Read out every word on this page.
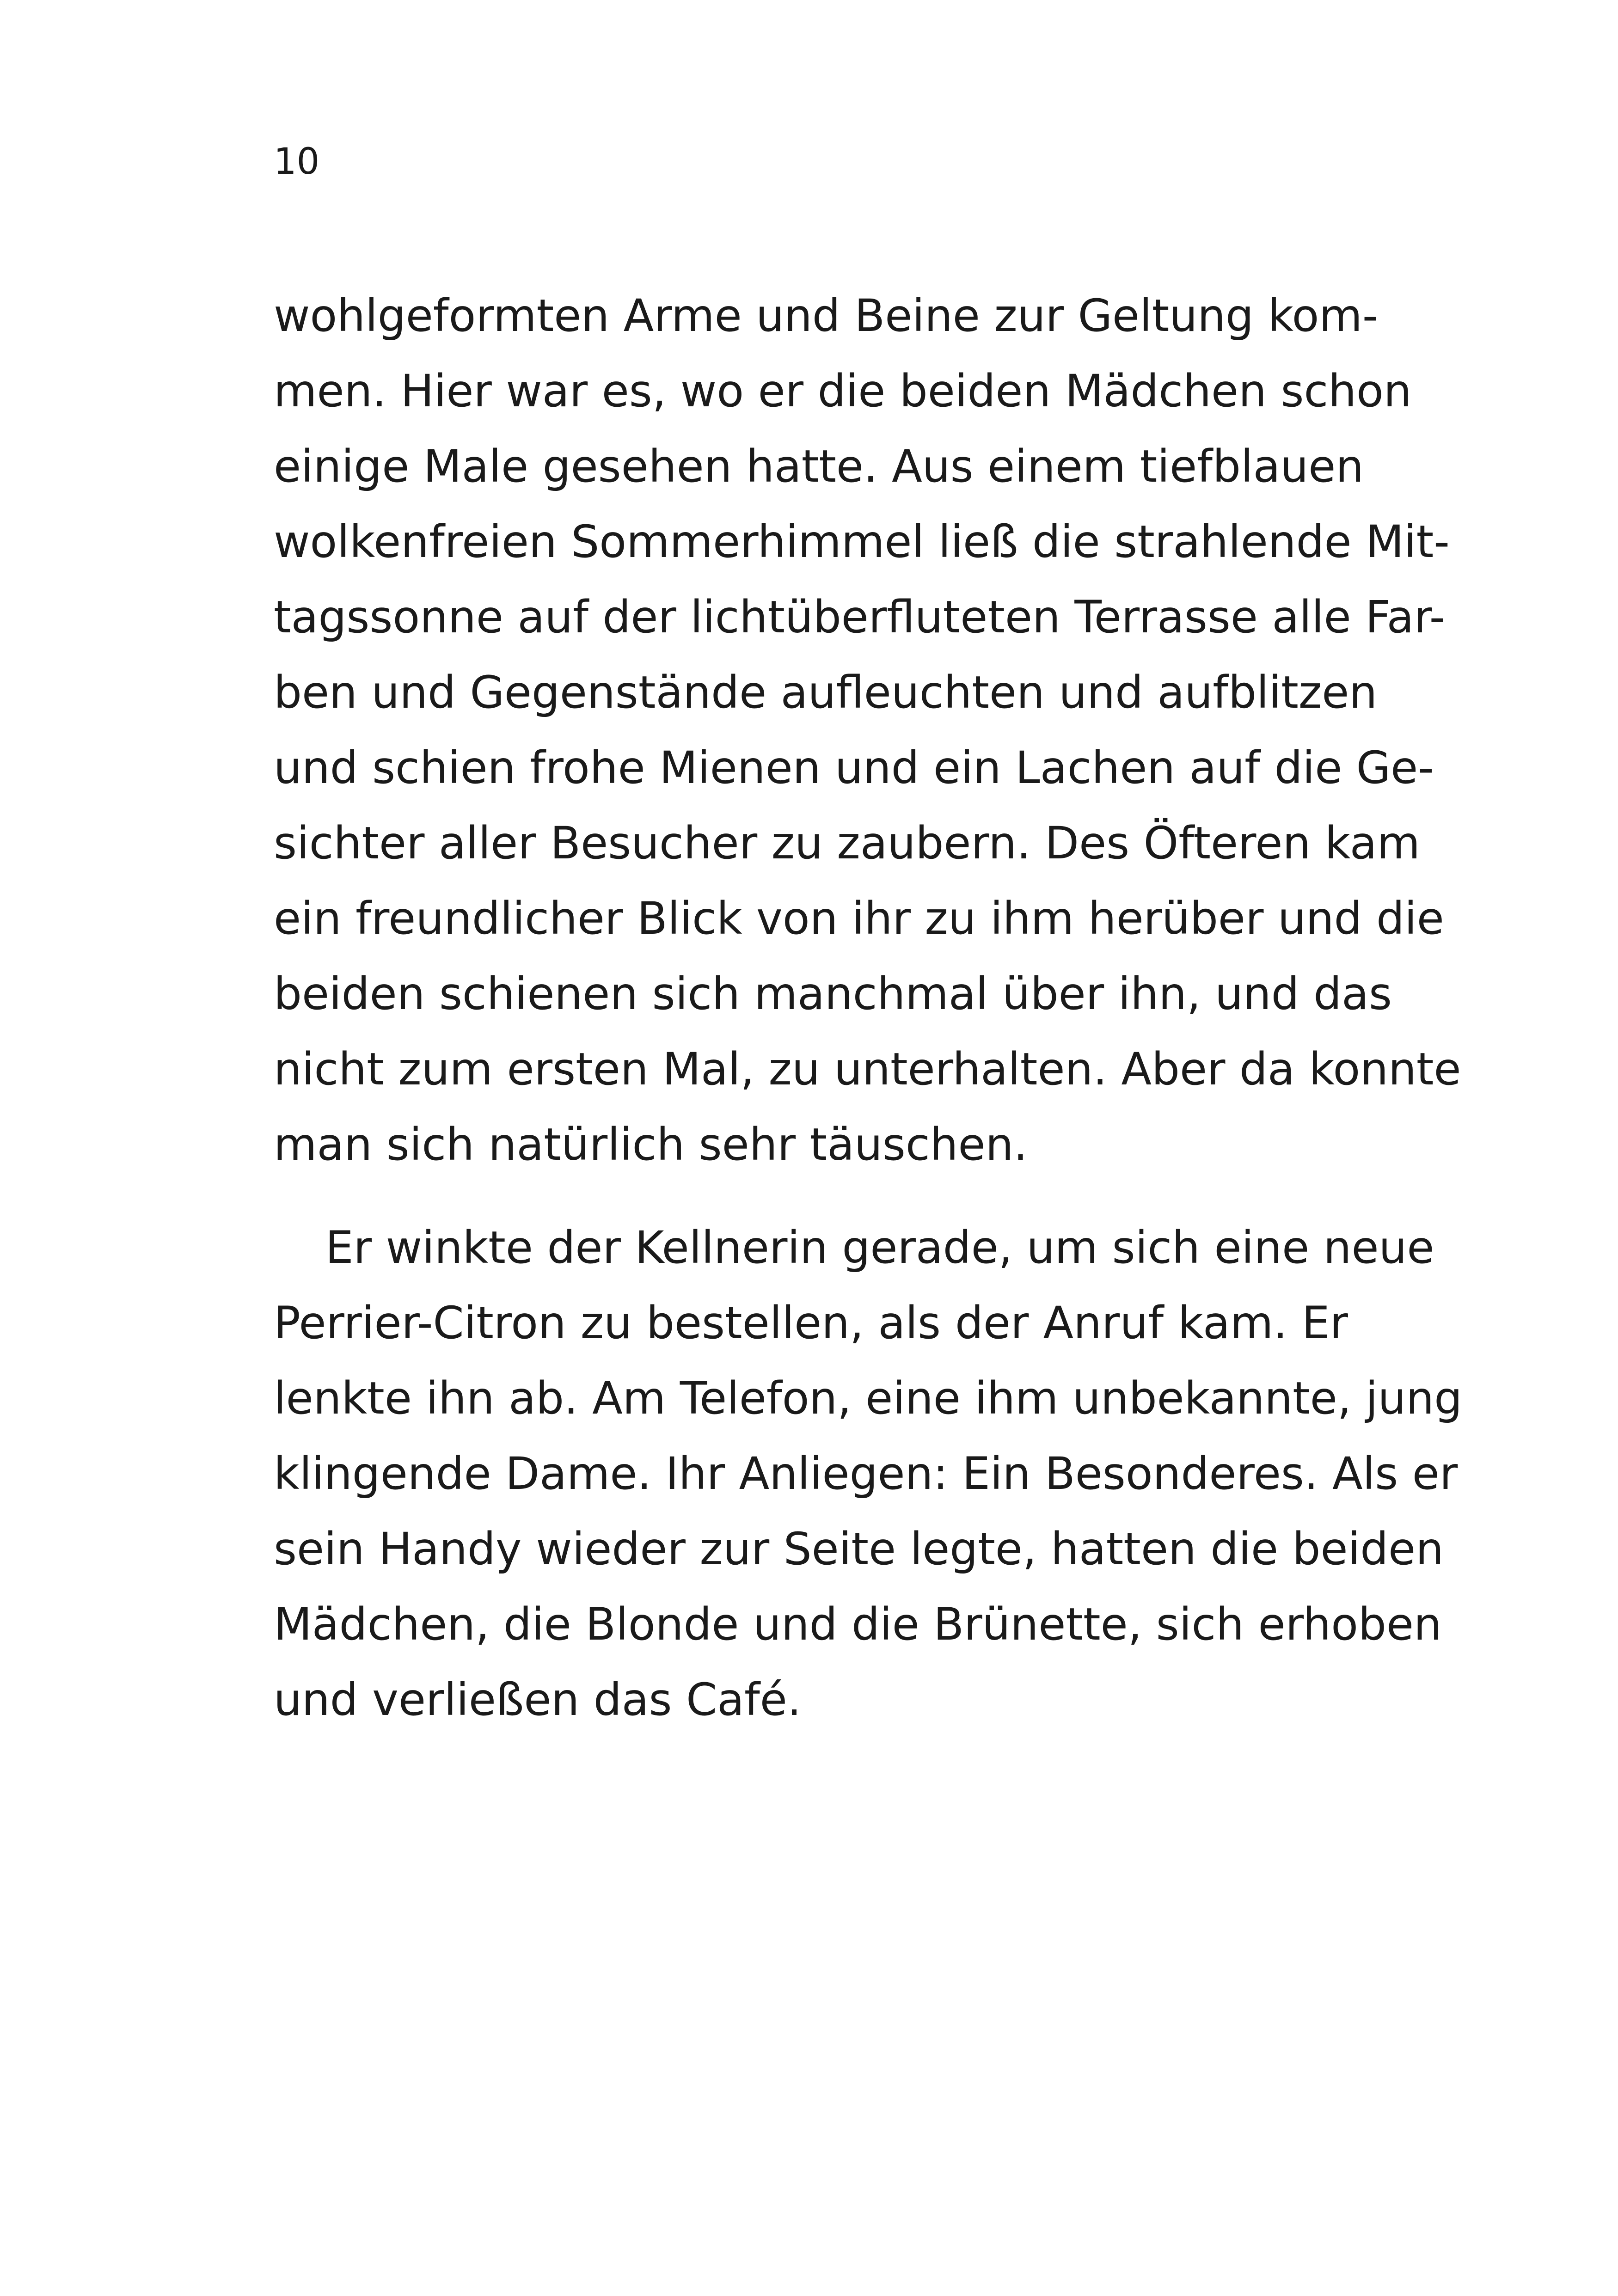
10
wohlgeformten Arme und Beine zur Geltung kom-
men. Hier war es, wo er die beiden Mädchen schon
einige Male gesehen hatte. Aus einem tiefblauen
wolkenfreien Sommerhimmel ließ die strahlende Mit-
tagssonne auf der lichtüberfluteten Terrasse alle Far-
ben und Gegenstände aufleuchten und aufblitzen
und schien frohe Mienen und ein Lachen auf die Ge-
sichter aller Besucher zu zaubern. Des Öfteren kam
ein freundlicher Blick von ihr zu ihm herüber und die
beiden schienen sich manchmal über ihn, und das
nicht zum ersten Mal, zu unterhalten. Aber da konnte
man sich natürlich sehr täuschen.
Er winkte der Kellnerin gerade, um sich eine neue
Perrier-Citron zu bestellen, als der Anruf kam. Er
lenkte ihn ab. Am Telefon, eine ihm unbekannte, jung
klingende Dame. Ihr Anliegen: Ein Besonderes. Als er
sein Handy wieder zur Seite legte, hatten die beiden
Mädchen, die Blonde und die Brünette, sich erhoben
und verließen das Café.
